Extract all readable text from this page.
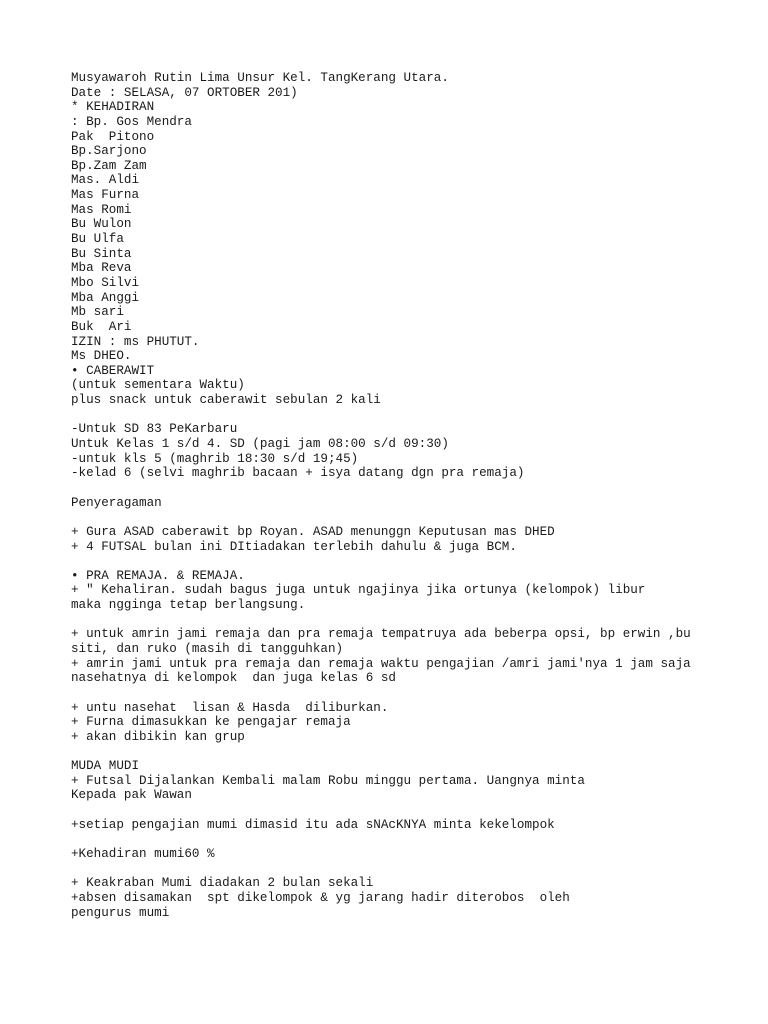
Musyawaroh Rutin Lima Unsur Kel. TangKerang Utara.
Date : SELASA, 07 ORTOBER 201)
* KEHADIRAN
: Bp. Gos Mendra
Pak  Pitono
Bp.Sarjono
Bp.Zam Zam
Mas. Aldi
Mas Furna
Mas Romi
Bu Wulon
Bu Ulfa
Bu Sinta
Mba Reva
Mbo Silvi
Mba Anggi
Mb sari
Buk  Ari
IZIN : ms PHUTUT.
Ms DHEO.
• CABERAWIT
(untuk sementara Waktu)
plus snack untuk caberawit sebulan 2 kali
-Untuk SD 83 PeKarbaru
Untuk Kelas 1 s/d 4. SD (pagi jam 08:00 s/d 09:30)
-untuk kls 5 (maghrib 18:30 s/d 19;45)
-kelad 6 (selvi maghrib bacaan + isya datang dgn pra remaja)
Penyeragaman
+ Gura ASAD caberawit bp Royan. ASAD menunggn Keputusan mas DHED
+ 4 FUTSAL bulan ini DItiadakan terlebih dahulu & juga BCM.
• PRA REMAJA. & REMAJA.
+ " Kehaliran. sudah bagus juga untuk ngajinya jika ortunya (kelompok) libur
maka ngginga tetap berlangsung.
+ untuk amrin jami remaja dan pra remaja tempatruya ada beberpa opsi, bp erwin ,bu
siti, dan ruko (masih di tangguhkan)
+ amrin jami untuk pra remaja dan remaja waktu pengajian /amri jami'nya 1 jam saja
nasehatnya di kelompok  dan juga kelas 6 sd
+ untu nasehat  lisan & Hasda  diliburkan.
+ Furna dimasukkan ke pengajar remaja
+ akan dibikin kan grup
MUDA MUDI
+ Futsal Dijalankan Kembali malam Robu minggu pertama. Uangnya minta
Kepada pak Wawan
+setiap pengajian mumi dimasid itu ada sNAcKNYA minta kekelompok
+Kehadiran mumi60 %
+ Keakraban Mumi diadakan 2 bulan sekali
+absen disamakan  spt dikelompok & yg jarang hadir diterobos  oleh
pengurus mumi
